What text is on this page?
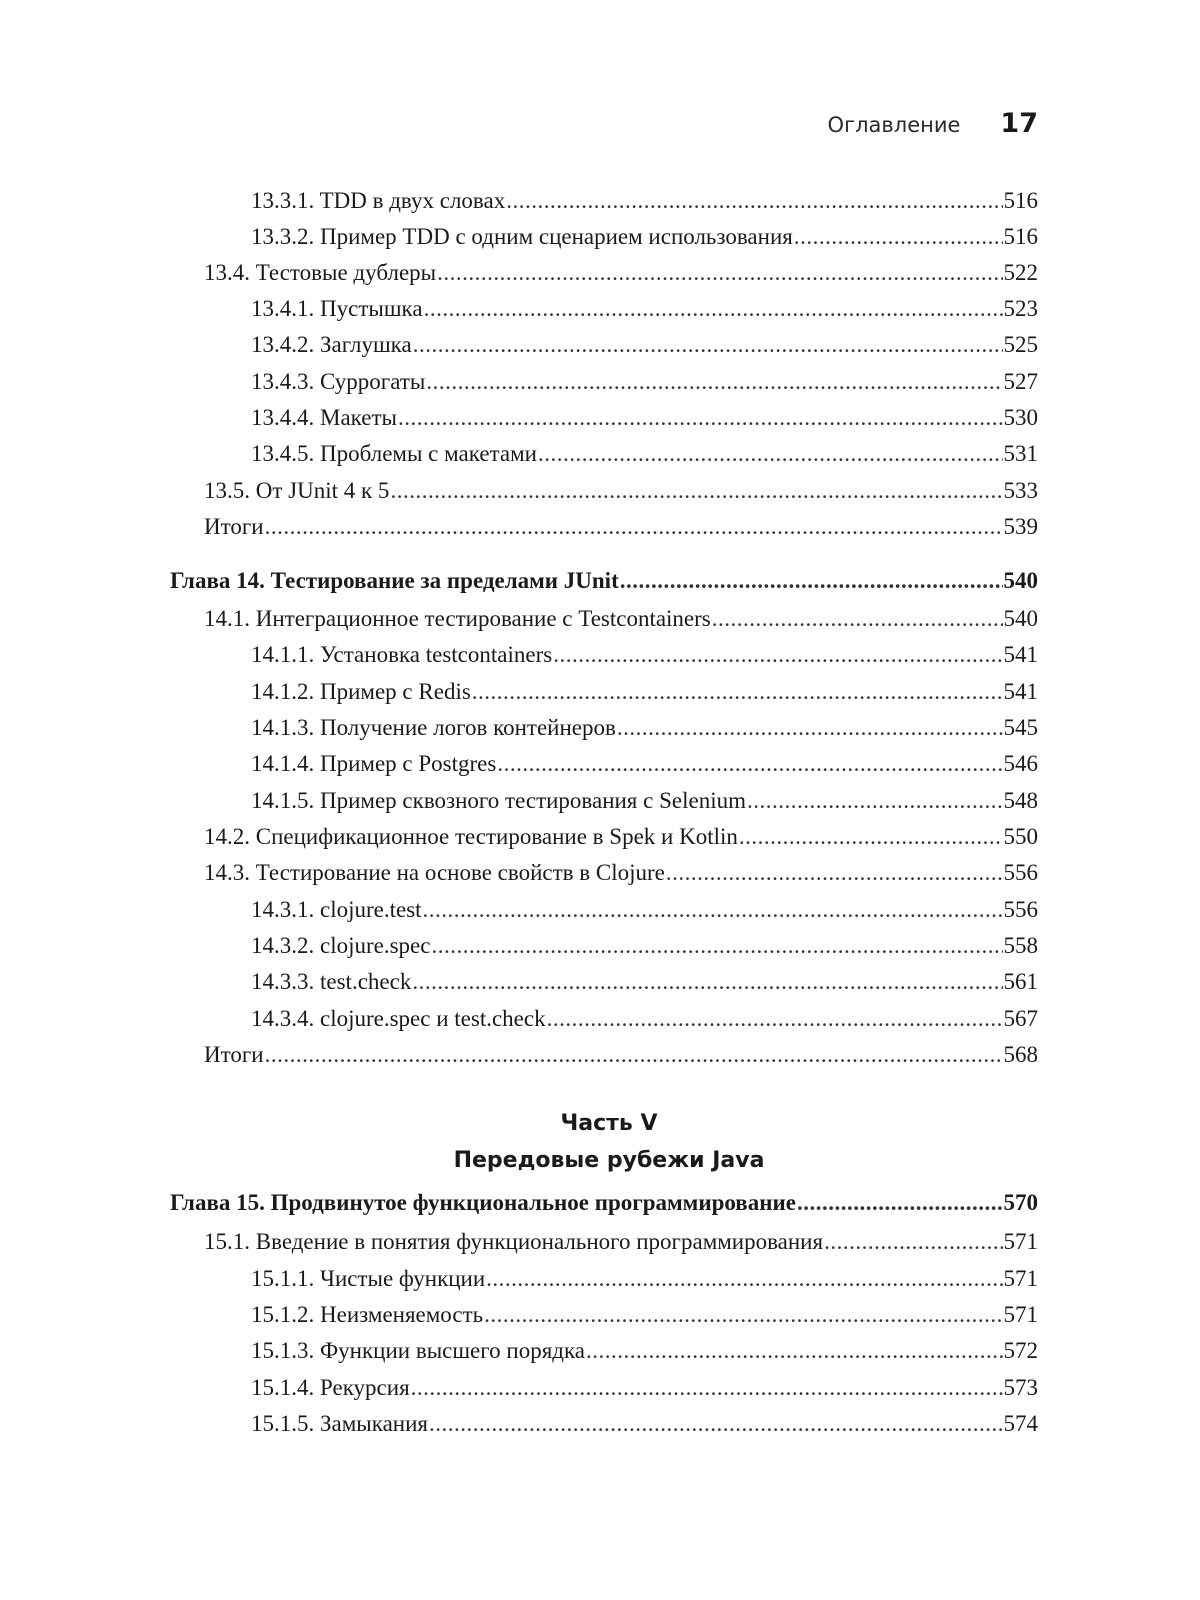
Оглавление 17
13.3.1. TDD в двух словах .....	516
13.3.2. Пример TDD с одним сценарием использования .....	516
13.4. Тестовые дублеры .....	522
13.4.1. Пустышка .....	523
13.4.2. Заглушка .....	525
13.4.3. Суррогаты .....	527
13.4.4. Макеты .....	530
13.4.5. Проблемы с макетами .....	531
13.5. От JUnit 4 к 5 .....	533
Итоги .....	539
Глава 14. Тестирование за пределами JUnit .....	540
14.1. Интеграционное тестирование с Testcontainers .....	540
14.1.1. Установка testcontainers .....	541
14.1.2. Пример с Redis .....	541
14.1.3. Получение логов контейнеров .....	545
14.1.4. Пример с Postgres .....	546
14.1.5. Пример сквозного тестирования с Selenium .....	548
14.2. Спецификационное тестирование в Spek и Kotlin .....	550
14.3. Тестирование на основе свойств в Clojure .....	556
14.3.1. clojure.test .....	556
14.3.2. clojure.spec .....	558
14.3.3. test.check .....	561
14.3.4. clojure.spec и test.check .....	567
Итоги .....	568
Глава 15. Продвинутое функциональное программирование .....	570
15.1. Введение в понятия функционального программирования .....	571
15.1.1. Чистые функции .....	571
15.1.2. Неизменяемость .....	571
15.1.3. Функции высшего порядка .....	572
15.1.4. Рекурсия .....	573
15.1.5. Замыкания .....	574
Часть V
Передовые рубежи Java
